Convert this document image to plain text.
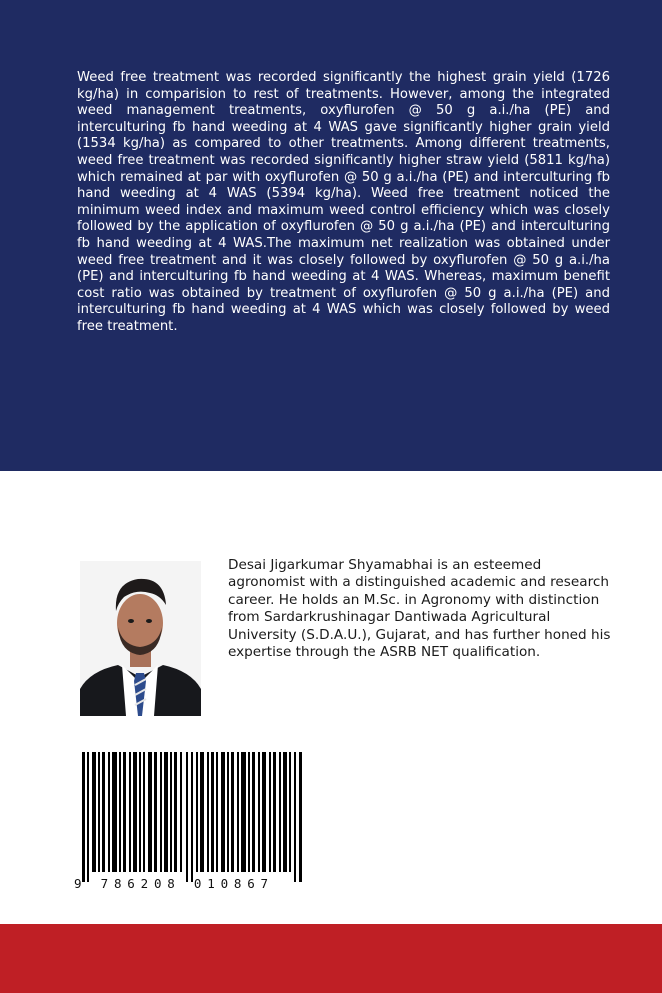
Weed free treatment was recorded significantly the highest grain yield (1726 kg/ha) in comparision to rest of treatments. However, among the integrated weed management treatments, oxyflurofen @ 50 g a.i./ha (PE) and interculturing fb hand weeding at 4 WAS gave significantly higher grain yield (1534 kg/ha) as compared to other treatments. Among different treatments, weed free treatment was recorded significantly higher straw yield (5811 kg/ha) which remained at par with oxyflurofen @ 50 g a.i./ha (PE) and interculturing fb hand weeding at 4 WAS (5394 kg/ha). Weed free treatment noticed the minimum weed index and maximum weed control efficiency which was closely followed by the application of oxyflurofen @ 50 g a.i./ha (PE) and interculturing fb hand weeding at 4 WAS.The maximum net realization was obtained under weed free treatment and it was closely followed by oxyflurofen @ 50 g a.i./ha (PE) and interculturing fb hand weeding at 4 WAS. Whereas, maximum benefit cost ratio was obtained by treatment of oxyflurofen @ 50 g a.i./ha (PE) and interculturing fb hand weeding at 4 WAS which was closely followed by weed free treatment.

Desai Jigarkumar Shyamabhai is an esteemed agronomist with a distinguished academic and research career. He holds an M.Sc. in Agronomy with distinction from Sardarkrushinagar Dantiwada Agricultural University (S.D.A.U.), Gujarat, and has further honed his expertise through the ASRB NET qualification.

9 786208 010867
